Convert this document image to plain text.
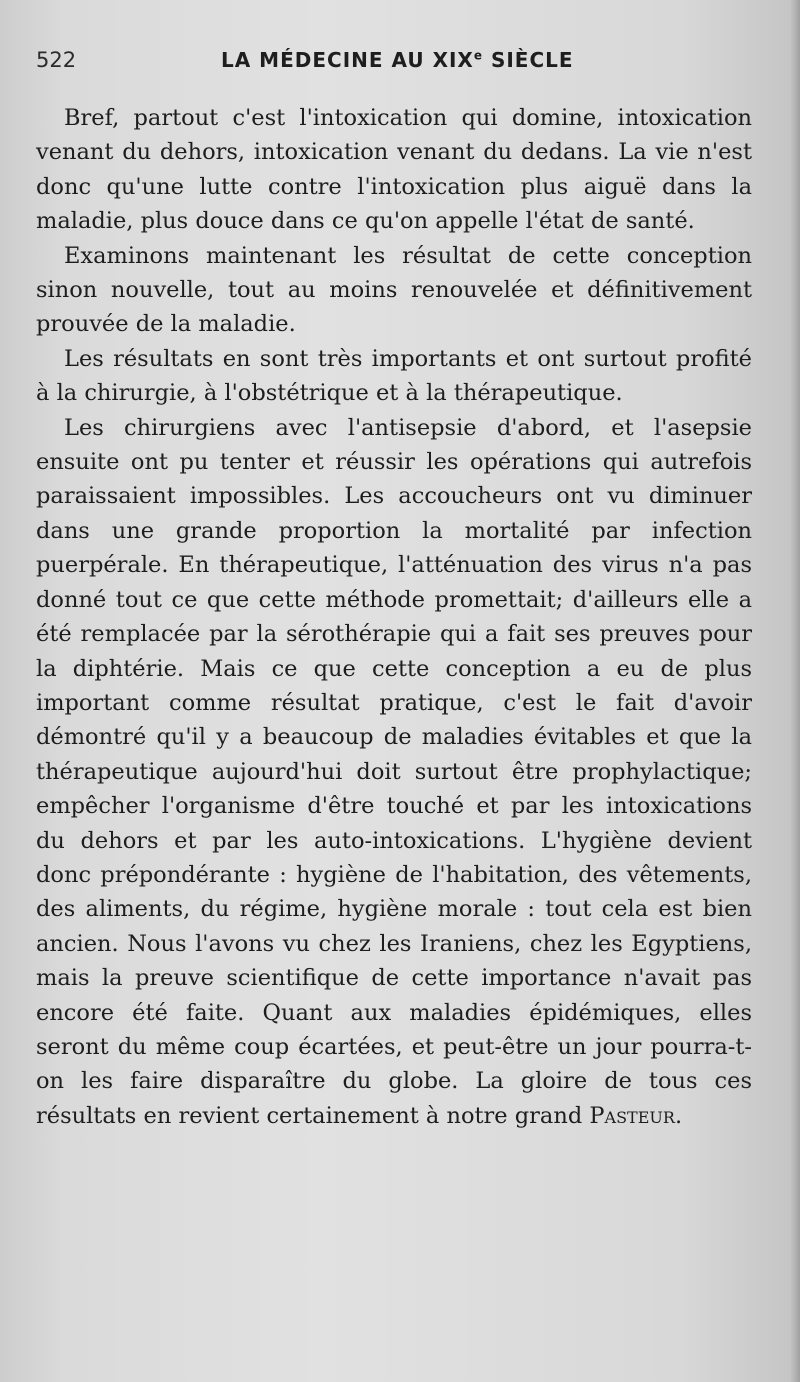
522	LA MÉDECINE AU XIXe SIÈCLE

Bref, partout c'est l'intoxication qui domine, intoxication venant du dehors, intoxication venant du dedans. La vie n'est donc qu'une lutte contre l'intoxication plus aiguë dans la maladie, plus douce dans ce qu'on appelle l'état de santé.

Examinons maintenant les résultat de cette conception sinon nouvelle, tout au moins renouvelée et définitivement prouvée de la maladie.

Les résultats en sont très importants et ont surtout profité à la chirurgie, à l'obstétrique et à la thérapeutique.

Les chirurgiens avec l'antisepsie d'abord, et l'asepsie ensuite ont pu tenter et réussir les opérations qui autrefois paraissaient impossibles. Les accoucheurs ont vu diminuer dans une grande proportion la mortalité par infection puerpérale. En thérapeutique, l'atténuation des virus n'a pas donné tout ce que cette méthode promettait; d'ailleurs elle a été remplacée par la sérothérapie qui a fait ses preuves pour la diphtérie. Mais ce que cette conception a eu de plus important comme résultat pratique, c'est le fait d'avoir démontré qu'il y a beaucoup de maladies évitables et que la thérapeutique aujourd'hui doit surtout être prophylactique; empêcher l'organisme d'être touché et par les intoxications du dehors et par les auto-intoxications. L'hygiène devient donc prépondérante : hygiène de l'habitation, des vêtements, des aliments, du régime, hygiène morale : tout cela est bien ancien. Nous l'avons vu chez les Iraniens, chez les Egyptiens, mais la preuve scientifique de cette importance n'avait pas encore été faite. Quant aux maladies épidémiques, elles seront du même coup écartées, et peut-être un jour pourra-t-on les faire disparaître du globe. La gloire de tous ces résultats en revient certainement à notre grand Pasteur.
